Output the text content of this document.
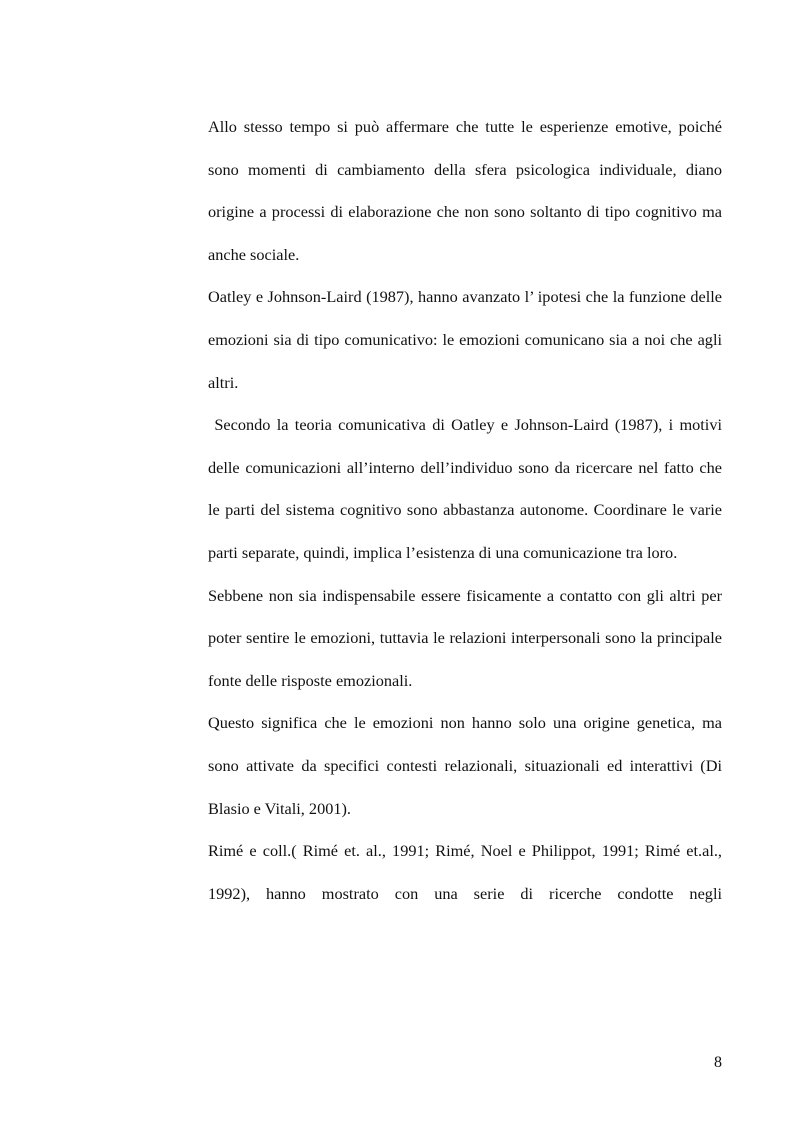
Allo stesso tempo si può affermare che tutte le esperienze emotive, poiché sono momenti di cambiamento della sfera psicologica individuale, diano origine a processi di elaborazione che non sono soltanto di tipo cognitivo ma anche sociale.

Oatley e Johnson-Laird (1987), hanno avanzato l’ ipotesi che la funzione delle emozioni sia di tipo comunicativo: le emozioni comunicano sia a noi che agli altri.

Secondo la teoria comunicativa di Oatley e Johnson-Laird (1987), i motivi delle comunicazioni all’interno dell’individuo sono da ricercare nel fatto che le parti del sistema cognitivo sono abbastanza autonome. Coordinare le varie parti separate, quindi, implica l’esistenza di una comunicazione tra loro.

Sebbene non sia indispensabile essere fisicamente a contatto con gli altri per poter sentire le emozioni, tuttavia le relazioni interpersonali sono la principale fonte delle risposte emozionali.

Questo significa che le emozioni non hanno solo una origine genetica, ma sono attivate da specifici contesti relazionali, situazionali ed interattivi (Di Blasio e Vitali, 2001).

Rimé e coll.( Rimé et. al., 1991; Rimé, Noel e Philippot, 1991; Rimé et.al., 1992), hanno mostrato con una serie di ricerche condotte negli

8
